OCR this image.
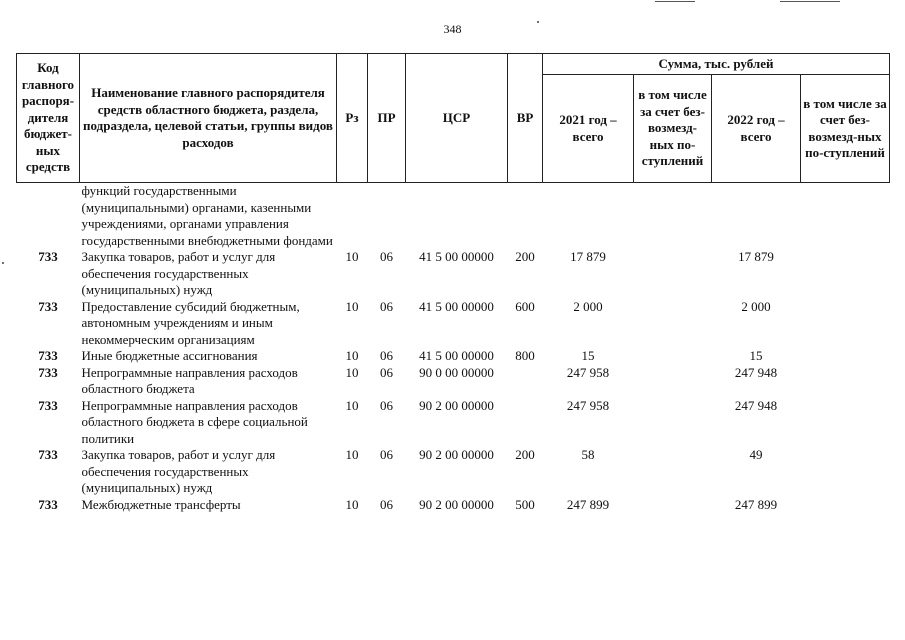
348
Код главного распоря-дителя бюджет-ных средств	Наименование главного распорядителя средств областного бюджета, раздела, подраздела, целевой статьи, группы видов расходов	Рз	ПР	ЦСР	ВР	Сумма, тыс. рублей			
						2021 год – всего	в том числе за счет без-возмезд-ных по-ступлений	2022 год – всего	в том числе за счет без-возмезд-ных по-ступлений
	функций государственными (муниципальными) органами, казенными учреждениями, органами управления государственными внебюджетными фондами								
733	Закупка товаров, работ и услуг для обеспечения государственных (муниципальных) нужд	10	06	41 5 00 00000	200	17 879		17 879	
733	Предоставление субсидий бюджетным, автономным учреждениям и иным некоммерческим организациям	10	06	41 5 00 00000	600	2 000		2 000	
733	Иные бюджетные ассигнования	10	06	41 5 00 00000	800	15		15	
733	Непрограммные направления расходов областного бюджета	10	06	90 0 00 00000		247 958		247 948	
733	Непрограммные направления расходов областного бюджета в сфере социальной политики	10	06	90 2 00 00000		247 958		247 948	
733	Закупка товаров, работ и услуг для обеспечения государственных (муниципальных) нужд	10	06	90 2 00 00000	200	58		49	
733	Межбюджетные трансферты	10	06	90 2 00 00000	500	247 899		247 899	
